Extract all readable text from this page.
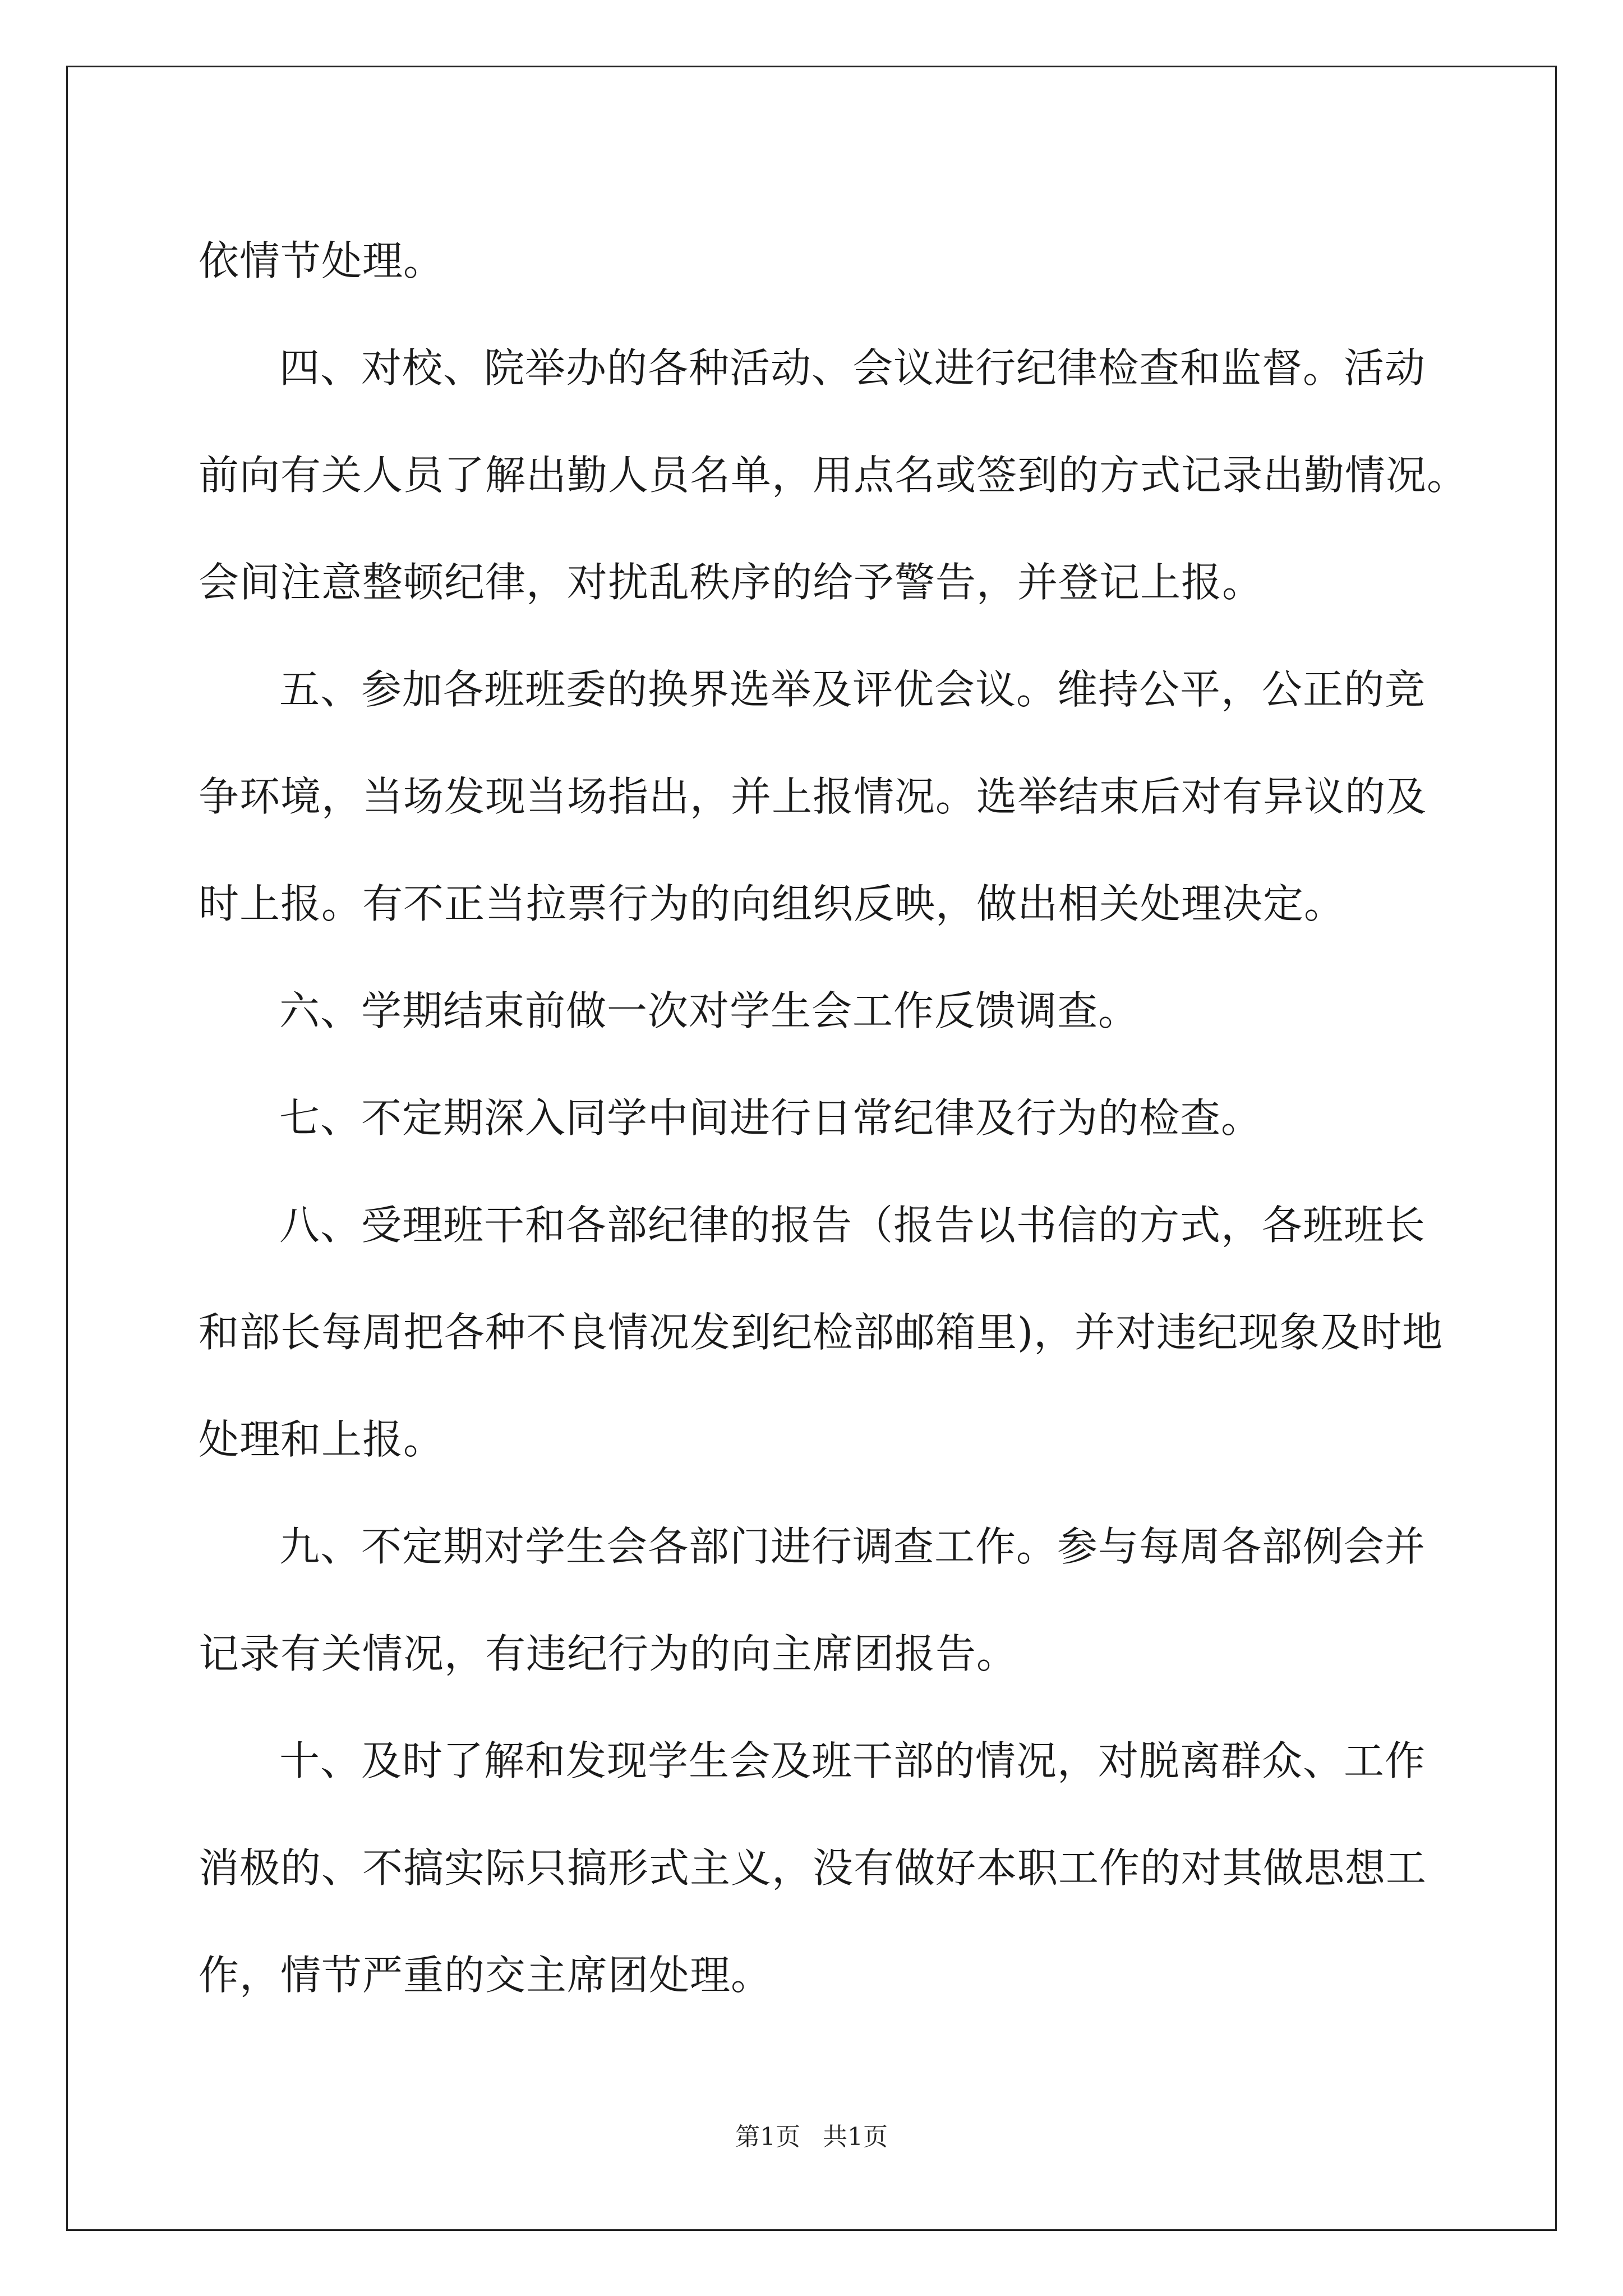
依情节处理。
四、对校、院举办的各种活动、会议进行纪律检查和监督。活动
前向有关人员了解出勤人员名单，用点名或签到的方式记录出勤情况。
会间注意整顿纪律，对扰乱秩序的给予警告，并登记上报。
五、参加各班班委的换界选举及评优会议。维持公平，公正的竞
争环境，当场发现当场指出，并上报情况。选举结束后对有异议的及
时上报。有不正当拉票行为的向组织反映，做出相关处理决定。
六、学期结束前做一次对学生会工作反馈调查。
七、不定期深入同学中间进行日常纪律及行为的检查。
八、受理班干和各部纪律的报告（报告以书信的方式，各班班长
和部长每周把各种不良情况发到纪检部邮箱里)，并对违纪现象及时地
处理和上报。
九、不定期对学生会各部门进行调查工作。参与每周各部例会并
记录有关情况，有违纪行为的向主席团报告。
十、及时了解和发现学生会及班干部的情况，对脱离群众、工作
消极的、不搞实际只搞形式主义，没有做好本职工作的对其做思想工
作，情节严重的交主席团处理。
第1页 共1页
